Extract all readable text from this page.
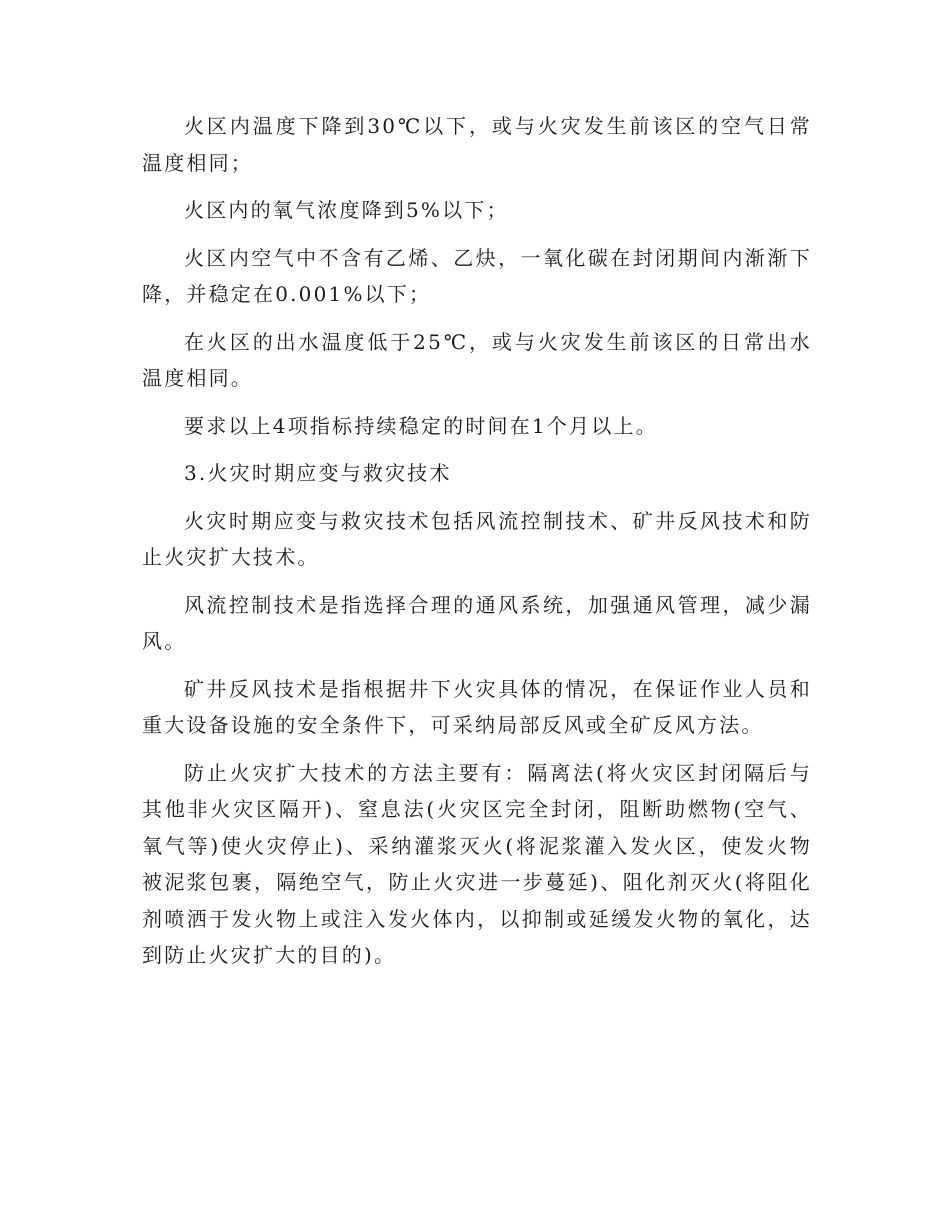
火区内温度下降到30℃以下，或与火灾发生前该区的空气日常温度相同；

火区内的氧气浓度降到5%以下；

火区内空气中不含有乙烯、乙炔，一氧化碳在封闭期间内渐渐下降，并稳定在0.001%以下；

在火区的出水温度低于25℃，或与火灾发生前该区的日常出水温度相同。

要求以上4项指标持续稳定的时间在1个月以上。

3.火灾时期应变与救灾技术

火灾时期应变与救灾技术包括风流控制技术、矿井反风技术和防止火灾扩大技术。

风流控制技术是指选择合理的通风系统，加强通风管理，减少漏风。

矿井反风技术是指根据井下火灾具体的情况，在保证作业人员和重大设备设施的安全条件下，可采纳局部反风或全矿反风方法。

防止火灾扩大技术的方法主要有：隔离法(将火灾区封闭隔后与其他非火灾区隔开)、窒息法(火灾区完全封闭，阻断助燃物(空气、氧气等)使火灾停止)、采纳灌浆灭火(将泥浆灌入发火区，使发火物被泥浆包裹，隔绝空气，防止火灾进一步蔓延)、阻化剂灭火(将阻化剂喷洒于发火物上或注入发火体内，以抑制或延缓发火物的氧化，达到防止火灾扩大的目的)。
